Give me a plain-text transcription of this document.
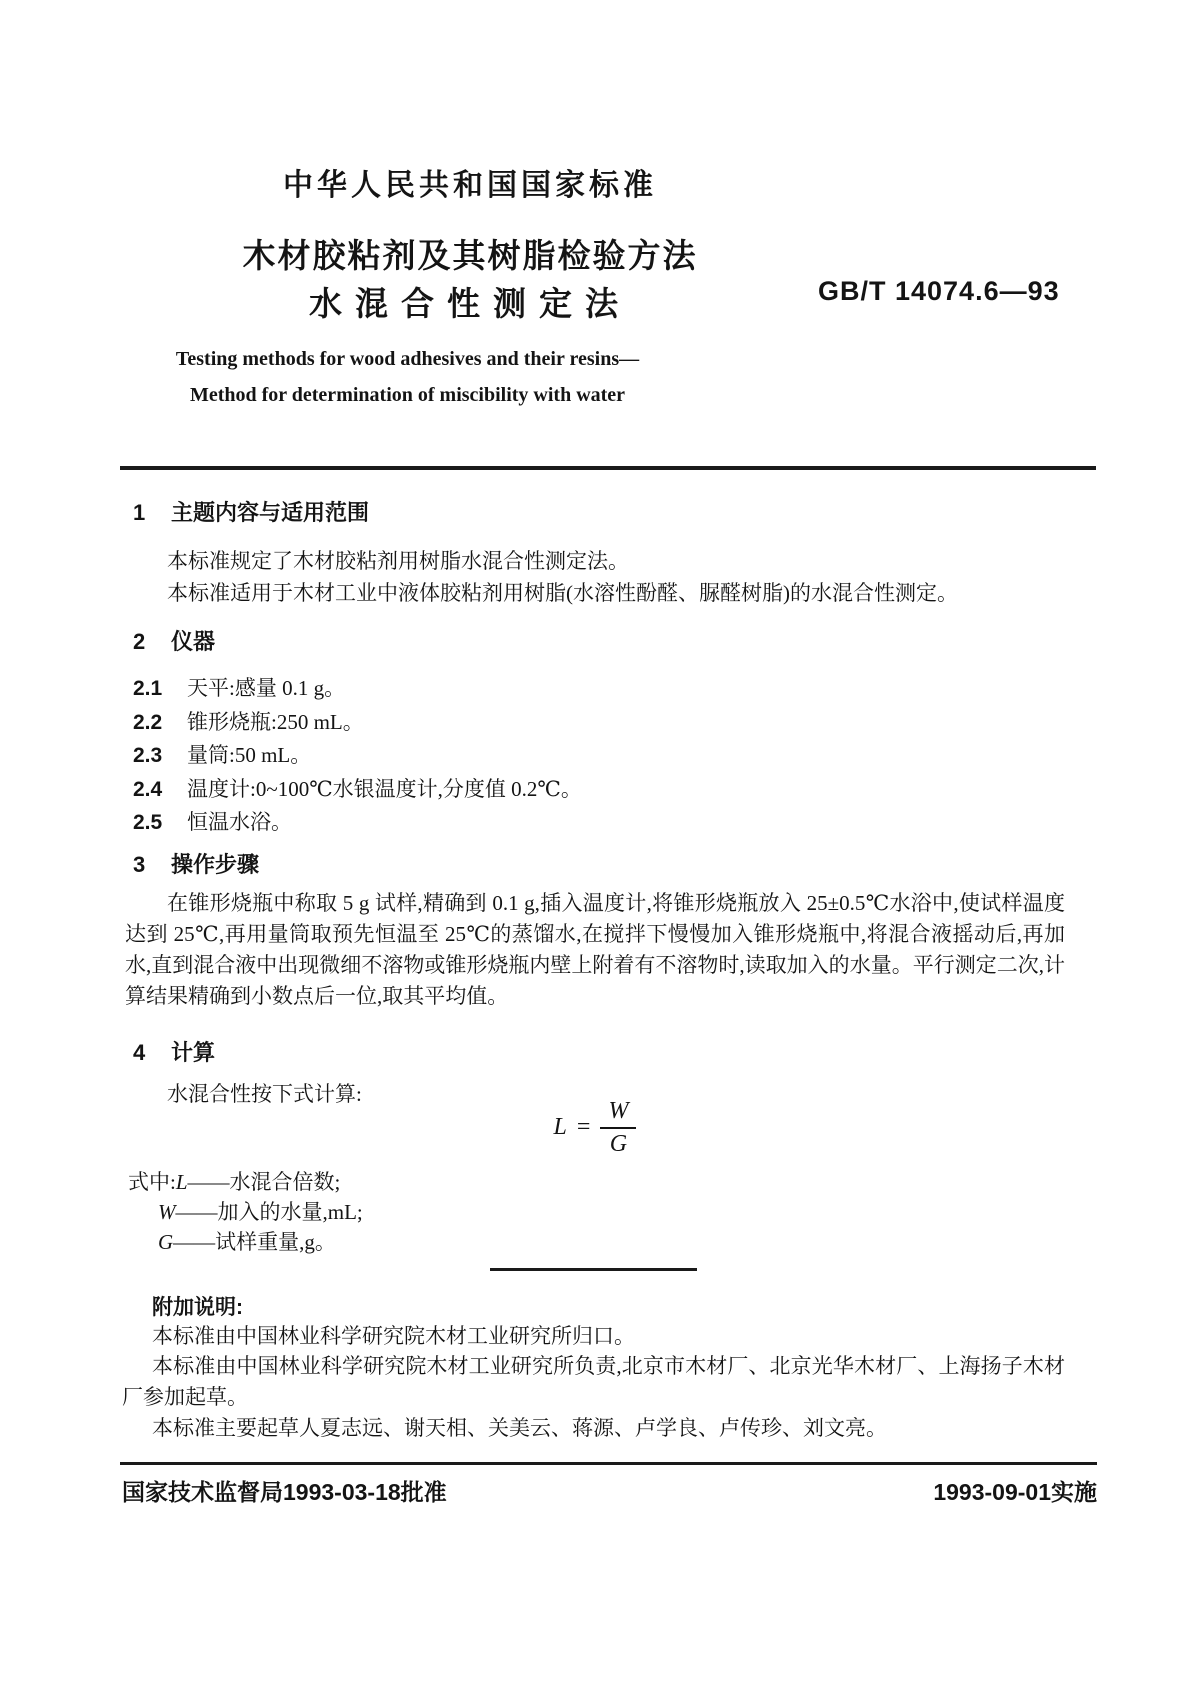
中华人民共和国国家标准
木材胶粘剂及其树脂检验方法
水混合性测定法	GB/T 14074.6—93
Testing methods for wood adhesives and their resins—
Method for determination of miscibility with water
1 主题内容与适用范围
本标准规定了木材胶粘剂用树脂水混合性测定法。
本标准适用于木材工业中液体胶粘剂用树脂(水溶性酚醛、脲醛树脂)的水混合性测定。
2 仪器
2.1 天平:感量 0.1 g。
2.2 锥形烧瓶:250 mL。
2.3 量筒:50 mL。
2.4 温度计:0~100℃水银温度计,分度值 0.2℃。
2.5 恒温水浴。
3 操作步骤
在锥形烧瓶中称取 5 g 试样,精确到 0.1 g,插入温度计,将锥形烧瓶放入 25±0.5℃水浴中,使试样温度达到 25℃,再用量筒取预先恒温至 25℃的蒸馏水,在搅拌下慢慢加入锥形烧瓶中,将混合液摇动后,再加水,直到混合液中出现微细不溶物或锥形烧瓶内壁上附着有不溶物时,读取加入的水量。平行测定二次,计算结果精确到小数点后一位,取其平均值。
4 计算
水混合性按下式计算:
$L = \frac{W}{G}$
式中:L——水混合倍数;
W——加入的水量,mL;
G——试样重量,g。
附加说明:
本标准由中国林业科学研究院木材工业研究所归口。
本标准由中国林业科学研究院木材工业研究所负责,北京市木材厂、北京光华木材厂、上海扬子木材厂参加起草。
本标准主要起草人夏志远、谢天相、关美云、蒋源、卢学良、卢传珍、刘文亮。
国家技术监督局1993-03-18批准	1993-09-01实施
